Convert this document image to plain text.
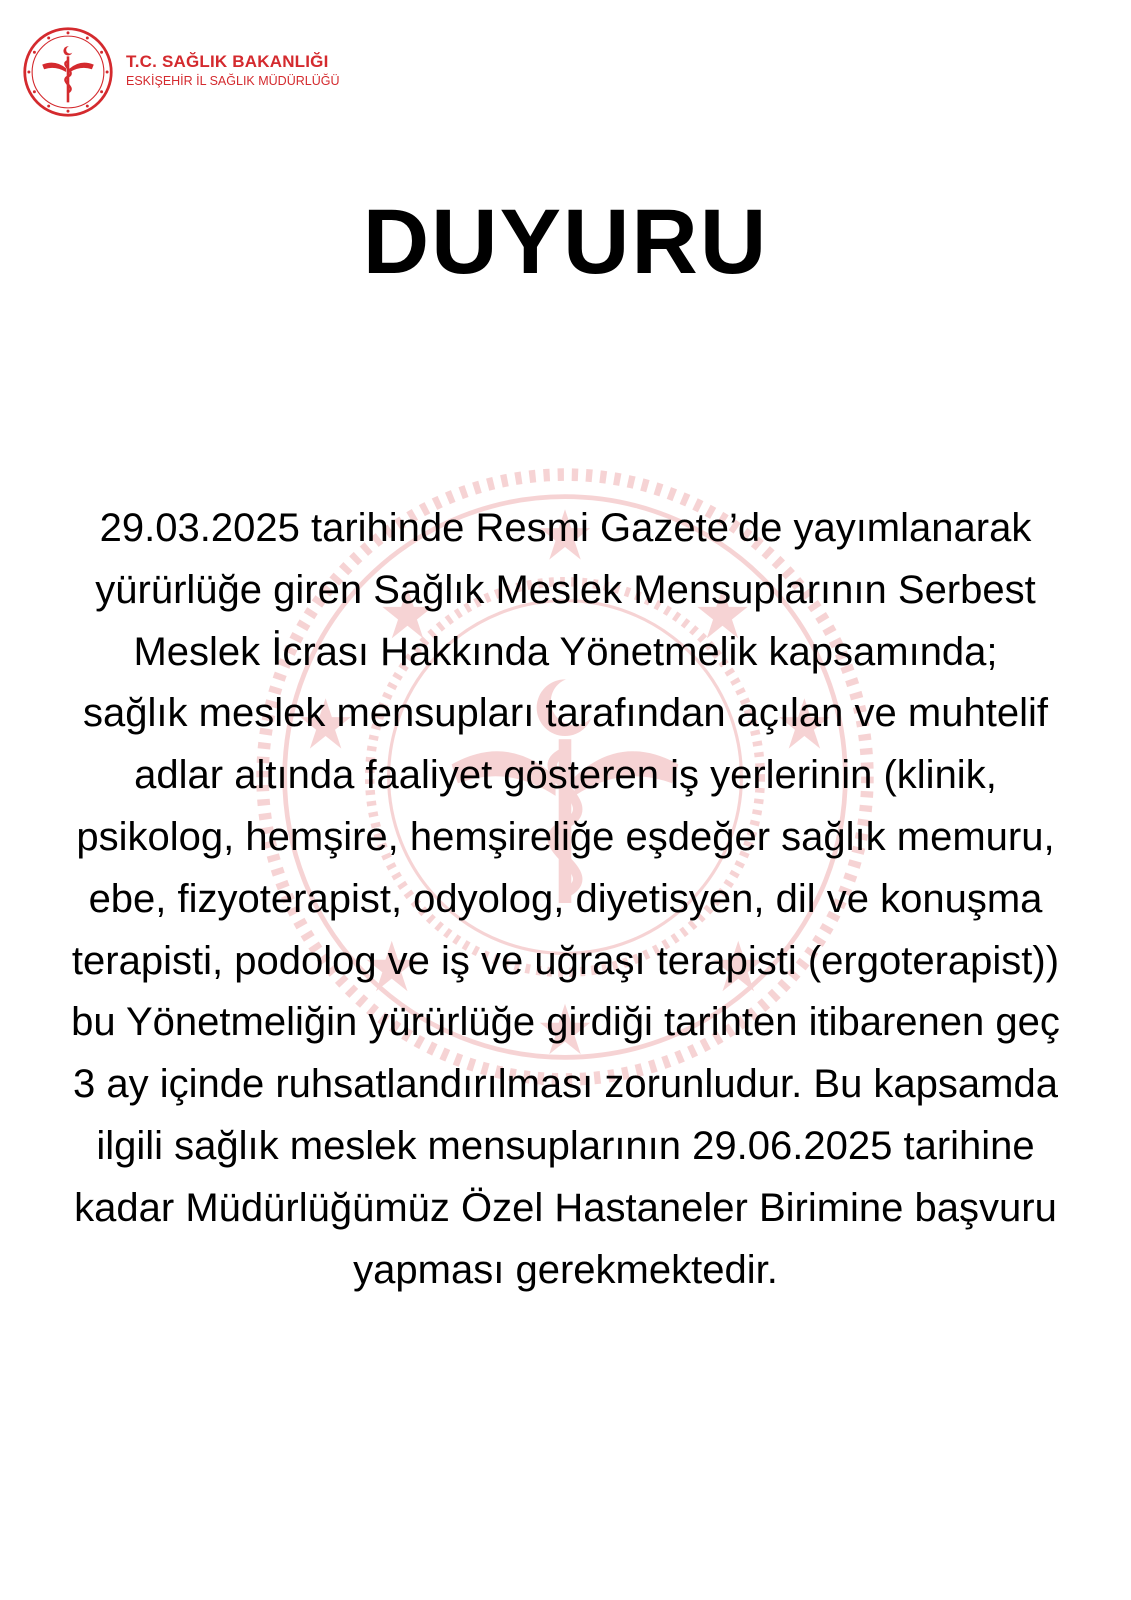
T.C. SAĞLIK BAKANLIĞI
ESKİŞEHİR İL SAĞLIK MÜDÜRLÜĞÜ
DUYURU
29.03.2025 tarihinde Resmi Gazete’de yayımlanarak
yürürlüğe giren Sağlık Meslek Mensuplarının Serbest
Meslek İcrası Hakkında Yönetmelik kapsamında;
sağlık meslek mensupları tarafından açılan ve muhtelif
adlar altında faaliyet gösteren iş yerlerinin (klinik,
psikolog, hemşire, hemşireliğe eşdeğer sağlık memuru,
ebe, fizyoterapist, odyolog, diyetisyen, dil ve konuşma
terapisti, podolog ve iş ve uğraşı terapisti (ergoterapist))
bu Yönetmeliğin yürürlüğe girdiği tarihten itibarenen geç
3 ay içinde ruhsatlandırılması zorunludur. Bu kapsamda
ilgili sağlık meslek mensuplarının 29.06.2025 tarihine
kadar Müdürlüğümüz Özel Hastaneler Birimine başvuru
yapması gerekmektedir.
